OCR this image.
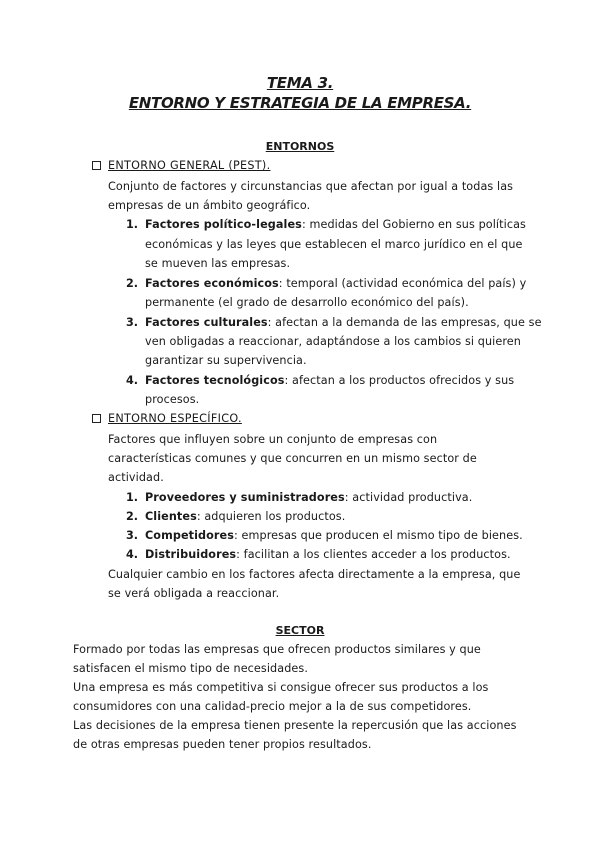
TEMA 3.
ENTORNO Y ESTRATEGIA DE LA EMPRESA.
ENTORNOS
ENTORNO GENERAL (PEST).
Conjunto de factores y circunstancias que afectan por igual a todas las
empresas de un ámbito geográfico.
1. Factores político-legales: medidas del Gobierno en sus políticas
económicas y las leyes que establecen el marco jurídico en el que
se mueven las empresas.
2. Factores económicos: temporal (actividad económica del país) y
permanente (el grado de desarrollo económico del país).
3. Factores culturales: afectan a la demanda de las empresas, que se
ven obligadas a reaccionar, adaptándose a los cambios si quieren
garantizar su supervivencia.
4. Factores tecnológicos: afectan a los productos ofrecidos y sus
procesos.
ENTORNO ESPECÍFICO.
Factores que influyen sobre un conjunto de empresas con
características comunes y que concurren en un mismo sector de
actividad.
1. Proveedores y suministradores: actividad productiva.
2. Clientes: adquieren los productos.
3. Competidores: empresas que producen el mismo tipo de bienes.
4. Distribuidores: facilitan a los clientes acceder a los productos.
Cualquier cambio en los factores afecta directamente a la empresa, que
se verá obligada a reaccionar.
SECTOR
Formado por todas las empresas que ofrecen productos similares y que
satisfacen el mismo tipo de necesidades.
Una empresa es más competitiva si consigue ofrecer sus productos a los
consumidores con una calidad-precio mejor a la de sus competidores.
Las decisiones de la empresa tienen presente la repercusión que las acciones
de otras empresas pueden tener propios resultados.
